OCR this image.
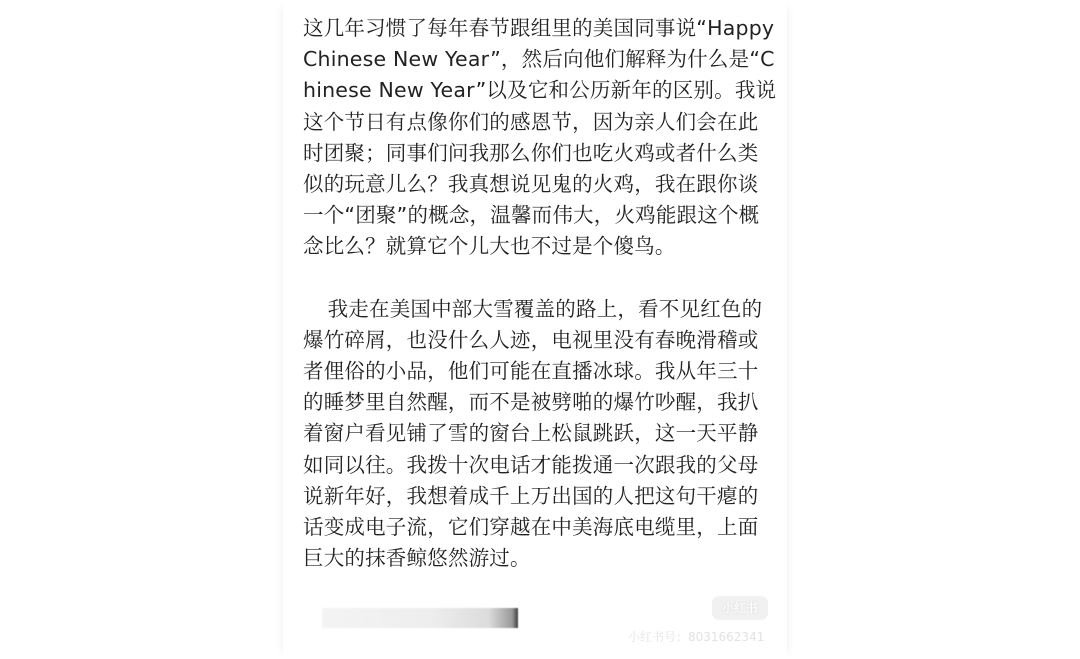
这几年习惯了每年春节跟组里的美国同事说“Happy Chinese New Year”，然后向他们解释为什么是“Chinese New Year”以及它和公历新年的区别。我说这个节日有点像你们的感恩节，因为亲人们会在此时团聚；同事们问我那么你们也吃火鸡或者什么类似的玩意儿么？我真想说见鬼的火鸡，我在跟你谈一个“团聚”的概念，温馨而伟大，火鸡能跟这个概念比么？就算它个儿大也不过是个傻鸟。

我走在美国中部大雪覆盖的路上，看不见红色的爆竹碎屑，也没什么人迹，电视里没有春晚滑稽或者俚俗的小品，他们可能在直播冰球。我从年三十的睡梦里自然醒，而不是被劈啪的爆竹吵醒，我扒着窗户看见铺了雪的窗台上松鼠跳跃，这一天平静如同以往。我拨十次电话才能拨通一次跟我的父母说新年好，我想着成千上万出国的人把这句干瘪的话变成电子流，它们穿越在中美海底电缆里，上面巨大的抹香鲸悠然游过。

小红书
小红书号：8031662341
